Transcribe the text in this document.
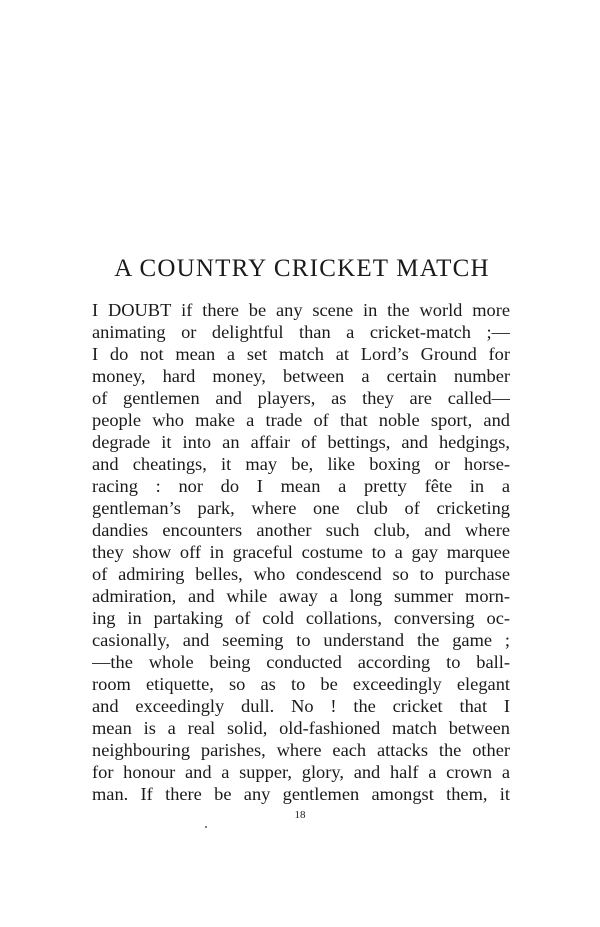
A COUNTRY CRICKET MATCH
I DOUBT if there be any scene in the world more
animating or delightful than a cricket-match ;—
I do not mean a set match at Lord’s Ground for
money, hard money, between a certain number
of gentlemen and players, as they are called—
people who make a trade of that noble sport, and
degrade it into an affair of bettings, and hedgings,
and cheatings, it may be, like boxing or horse-
racing : nor do I mean a pretty fête in a
gentleman’s park, where one club of cricketing
dandies encounters another such club, and where
they show off in graceful costume to a gay marquee
of admiring belles, who condescend so to purchase
admiration, and while away a long summer morn-
ing in partaking of cold collations, conversing oc-
casionally, and seeming to understand the game ;
—the whole being conducted according to ball-
room etiquette, so as to be exceedingly elegant
and exceedingly dull. No ! the cricket that I
mean is a real solid, old-fashioned match between
neighbouring parishes, where each attacks the other
for honour and a supper, glory, and half a crown a
man. If there be any gentlemen amongst them, it
18
